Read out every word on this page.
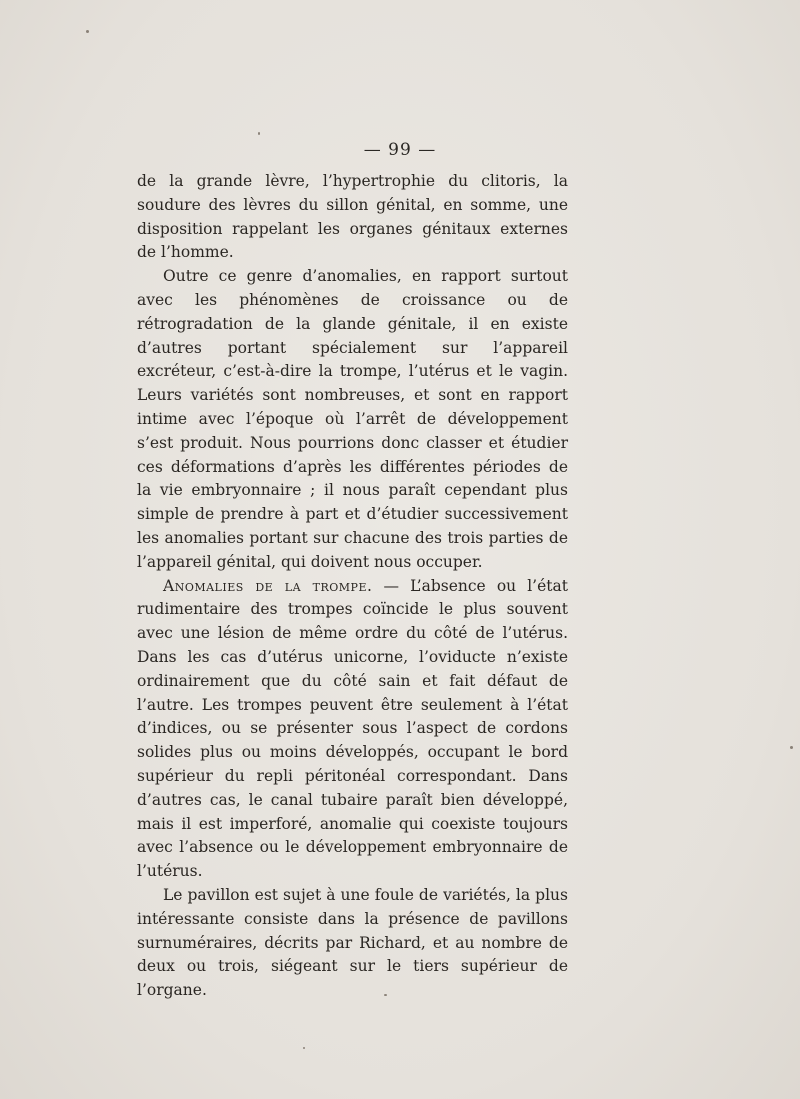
— 99 —

de la grande lèvre, l’hypertrophie du clitoris, la soudure des lèvres du sillon génital, en somme, une disposition rappelant les organes génitaux externes de l’homme.

Outre ce genre d’anomalies, en rapport surtout avec les phénomènes de croissance ou de rétrogradation de la glande génitale, il en existe d’autres portant spécialement sur l’appareil excréteur, c’est-à-dire la trompe, l’utérus et le vagin. Leurs variétés sont nombreuses, et sont en rapport intime avec l’époque où l’arrêt de développement s’est produit. Nous pourrions donc classer et étudier ces déformations d’après les différentes périodes de la vie embryonnaire ; il nous paraît cependant plus simple de prendre à part et d’étudier successivement les anomalies portant sur chacune des trois parties de l’appareil génital, qui doivent nous occuper.

Anomalies de la trompe. — L’absence ou l’état rudimentaire des trompes coïncide le plus souvent avec une lésion de même ordre du côté de l’utérus. Dans les cas d’utérus unicorne, l’oviducte n’existe ordinairement que du côté sain et fait défaut de l’autre. Les trompes peuvent être seulement à l’état d’indices, ou se présenter sous l’aspect de cordons solides plus ou moins développés, occupant le bord supérieur du repli péritonéal correspondant. Dans d’autres cas, le canal tubaire paraît bien développé, mais il est imperforé, anomalie qui coexiste toujours avec l’absence ou le développement embryonnaire de l’utérus.

Le pavillon est sujet à une foule de variétés, la plus intéressante consiste dans la présence de pavillons surnuméraires, décrits par Richard, et au nombre de deux ou trois, siégeant sur le tiers supérieur de l’organe.
